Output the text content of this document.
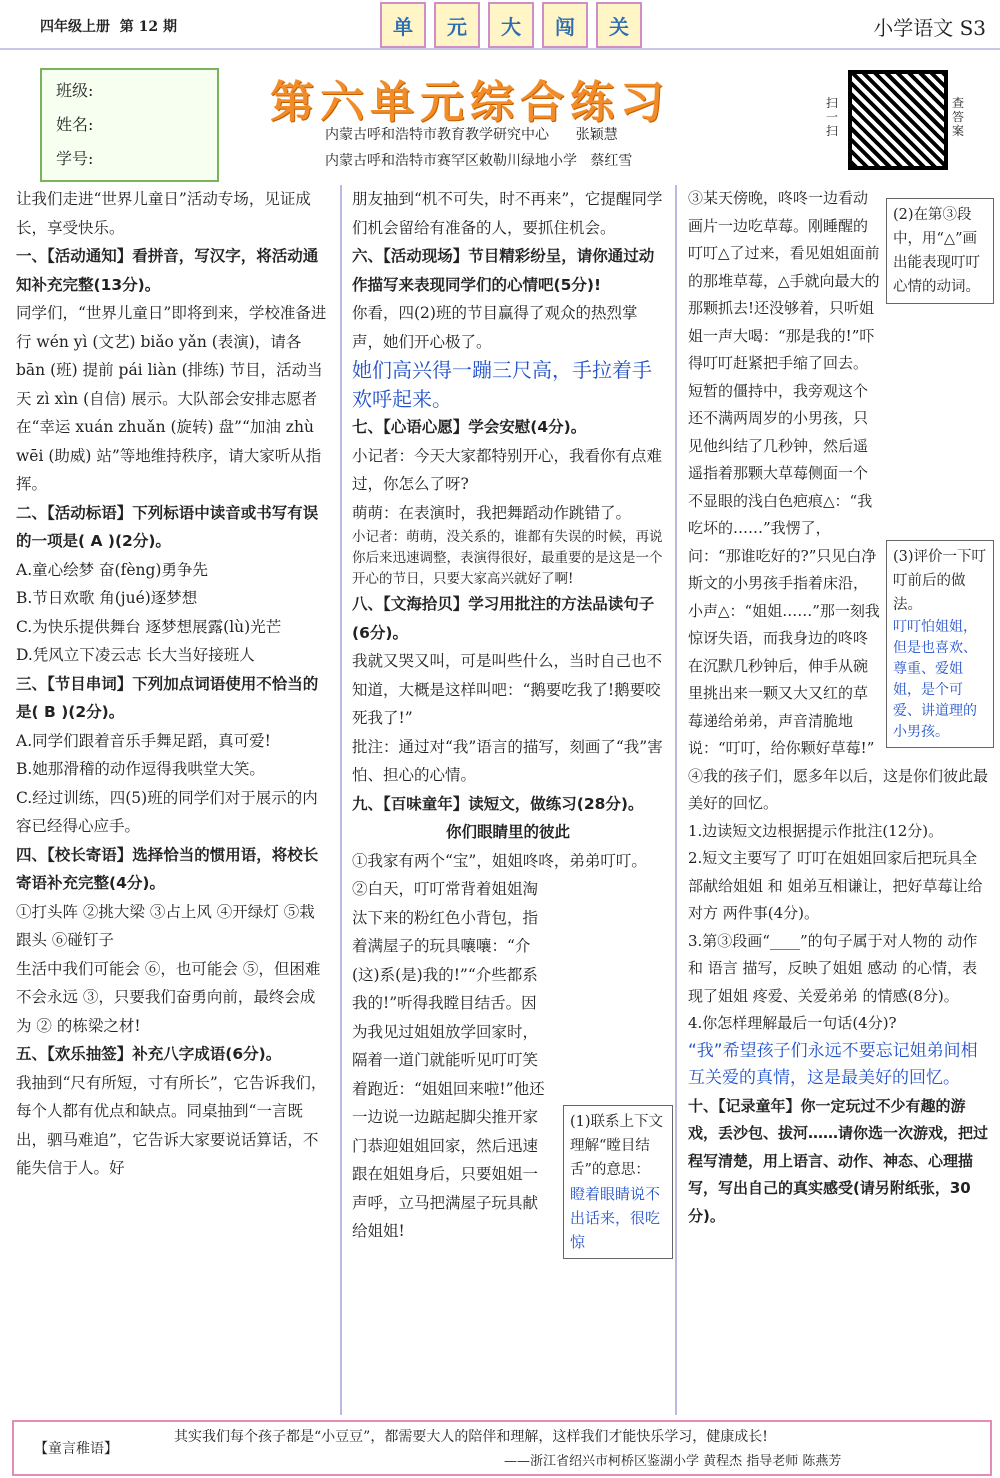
四年级上册 第 12 期	单	元	大	闯	关	小学语文 S3
班级:
姓名:
学号:
第六单元综合练习
内蒙古呼和浩特市教育教学研究中心 张颖慧
内蒙古呼和浩特市赛罕区敕勒川绿地小学 蔡红雪
扫一扫
查答案

让我们走进“世界儿童日”活动专场，见证成长，享受快乐。

一、【活动通知】看拼音，写汉字，将活动通知补充完整(13分)。

同学们，“世界儿童日”即将到来，学校准备进行 wén yì (文艺) biǎo yǎn (表演)，请各 bān (班) 提前 pái liàn (排练) 节目，活动当天 zì xìn (自信) 展示。大队部会安排志愿者在“幸运 xuán zhuǎn (旋转) 盘”“加油 zhù wēi (助威) 站”等地维持秩序，请大家听从指挥。

二、【活动标语】下列标语中读音或书写有误的一项是( A )(2分)。

A.童心绘梦 奋(fèng)勇争先

B.节日欢歌 角(jué)逐梦想

C.为快乐提供舞台 逐梦想展露(lù)光芒

D.凭风立下凌云志 长大当好接班人

三、【节目串词】下列加点词语使用不恰当的是( B )(2分)。

A.同学们跟着音乐手舞足蹈，真可爱!

B.她那滑稽的动作逗得我哄堂大笑。

C.经过训练，四(5)班的同学们对于展示的内容已经得心应手。

四、【校长寄语】选择恰当的惯用语，将校长寄语补充完整(4分)。

①打头阵 ②挑大梁 ③占上风 ④开绿灯 ⑤栽跟头 ⑥碰钉子

生活中我们可能会 ⑥，也可能会 ⑤，但困难不会永远 ③，只要我们奋勇向前，最终会成为 ② 的栋梁之材!

五、【欢乐抽签】补充八字成语(6分)。

我抽到“尺有所短，寸有所长”，它告诉我们，每个人都有优点和缺点。同桌抽到“一言既出，驷马难追”，它告诉大家要说话算话，不能失信于人。好

朋友抽到“机不可失，时不再来”，它提醒同学们机会留给有准备的人，要抓住机会。

六、【活动现场】节目精彩纷呈，请你通过动作描写来表现同学们的心情吧(5分)!

你看，四(2)班的节目赢得了观众的热烈掌声，她们开心极了。

她们高兴得一蹦三尺高，手拉着手欢呼起来。

七、【心语心愿】学会安慰(4分)。

小记者：今天大家都特别开心，我看你有点难过，你怎么了呀?

萌萌：在表演时，我把舞蹈动作跳错了。

小记者：萌萌，没关系的，谁都有失误的时候，再说你后来迅速调整，表演得很好，最重要的是这是一个开心的节日，只要大家高兴就好了啊!

八、【文海拾贝】学习用批注的方法品读句子(6分)。

我就又哭又叫，可是叫些什么，当时自己也不知道，大概是这样叫吧：“鹅要吃我了!鹅要咬死我了!”

批注：通过对“我”语言的描写，刻画了“我”害怕、担心的心情。

九、【百味童年】读短文，做练习(28分)。

你们眼睛里的彼此

①我家有两个“宝”，姐姐咚咚，弟弟叮叮。

②白天，叮叮常背着姐姐淘汰下来的粉红色小背包，指着满屋子的玩具嚷嚷：“介(这)系(是)我的!”“介些都系我的!”听得我瞠目结舌。因为我见过姐姐放学回家时，隔着一道门就能听见叮叮笑着跑近：“姐姐回来啦!”他还一边说一边踮起脚尖推开家门恭迎姐姐回家，然后迅速跟在姐姐身后，只要姐姐一声呼，立马把满屋子玩具献给姐姐!

(1)联系上下文理解“瞠目结舌”的意思：
瞪着眼睛说不出话来，很吃惊

③某天傍晚，咚咚一边看动画片一边吃草莓。刚睡醒的叮叮△了过来，看见姐姐面前的那堆草莓，△手就向最大的那颗抓去!还没够着，只听姐姐一声大喝：“那是我的!”吓得叮叮赶紧把手缩了回去。短暂的僵持中，我旁观这个还不满两周岁的小男孩，只见他纠结了几秒钟，然后遥遥指着那颗大草莓侧面一个不显眼的浅白色疤痕△：“我吃坏的……”我愣了，问：“那谁吃好的?”只见白净斯文的小男孩手指着床沿，小声△：“姐姐……”那一刻我惊讶失语，而我身边的咚咚在沉默几秒钟后，伸手从碗里挑出来一颗又大又红的草莓递给弟弟，声音清脆地说：“叮叮，给你颗好草莓!”

④我的孩子们，愿多年以后，这是你们彼此最美好的回忆。

1.边读短文边根据提示作批注(12分)。

2.短文主要写了 叮叮在姐姐回家后把玩具全部献给姐姐 和 姐弟互相谦让，把好草莓让给对方 两件事(4分)。

3.第③段画“____”的句子属于对人物的 动作 和 语言 描写，反映了姐姐 感动 的心情，表现了姐姐 疼爱、关爱弟弟 的情感(8分)。

4.你怎样理解最后一句话(4分)?

“我”希望孩子们永远不要忘记姐弟间相互关爱的真情，这是最美好的回忆。

十、【记录童年】你一定玩过不少有趣的游戏，丢沙包、拔河……请你选一次游戏，把过程写清楚，用上语言、动作、神态、心理描写，写出自己的真实感受(请另附纸张，30分)。

(2)在第③段中，用“△”画出能表现叮叮心情的动词。
(3)评价一下叮叮前后的做法。
叮叮怕姐姐，但是也喜欢、尊重、爱姐姐，是个可爱、讲道理的小男孩。
【童言稚语】
其实我们每个孩子都是“小豆豆”，都需要大人的陪伴和理解，这样我们才能快乐学习，健康成长!
——浙江省绍兴市柯桥区鉴湖小学 黄程杰 指导老师 陈燕芳
